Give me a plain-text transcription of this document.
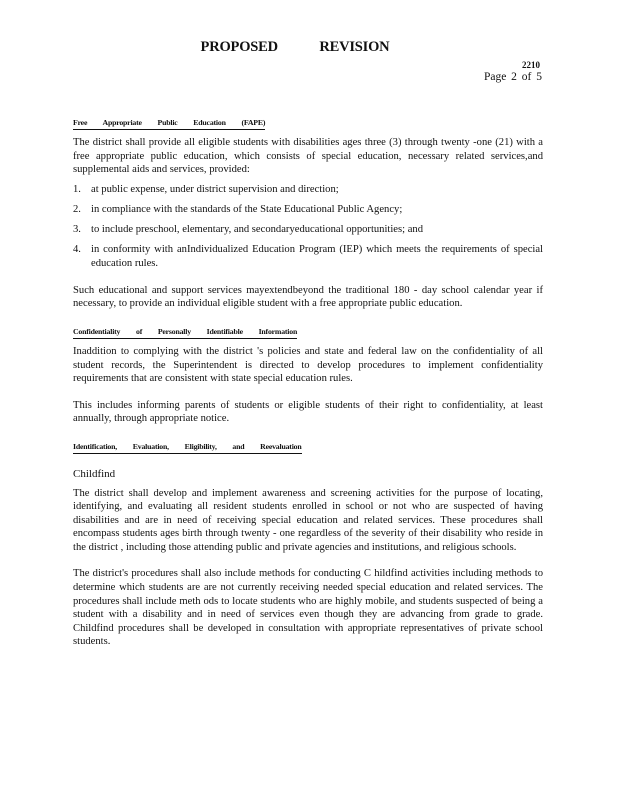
PROPOSED REVISION
2210
Page 2 of 5
Free Appropriate Public Education (FAPE)

The district shall provide all eligible students with disabilities ages three (3) through twenty -one (21) with a free appropriate public education, which consists of special education, necessary related services,and supplemental aids and services, provided:

1. at public expense, under district supervision and direction;
2. in compliance with the standards of the State Educational Public Agency;
3. to include preschool, elementary, and secondaryeducational opportunities; and
4. in conformity with anIndividualized Education Program (IEP) which meets the requirements of special education rules.

Such educational and support services mayextendbeyond the traditional 180 - day school calendar year if necessary, to provide an individual eligible student with a free appropriate public education.

Confidentiality of Personally Identifiable Information

Inaddition to complying with the district 's policies and state and federal law on the confidentiality of all student records, the Superintendent is directed to develop procedures to implement confidentiality requirements that are consistent with state special education rules.

This includes informing parents of students or eligible students of their right to confidentiality, at least annually, through appropriate notice.

Identification, Evaluation, Eligibility, and Reevaluation
Childfind

The district shall develop and implement awareness and screening activities for the purpose of locating, identifying, and evaluating all resident students enrolled in school or not who are suspected of having disabilities and are in need of receiving special education and related services. These procedures shall encompass students ages birth through twenty - one regardless of the severity of their disability who reside in the district , including those attending public and private agencies and institutions, and religious schools.

The district's procedures shall also include methods for conducting C hildfind activities including methods to determine which students are are not currently receiving needed special education and related services. The procedures shall include meth ods to locate students who are highly mobile, and students suspected of being a student with a disability and in need of services even though they are advancing from grade to grade. Childfind procedures shall be developed in consultation with appropriate representatives of private school students.
